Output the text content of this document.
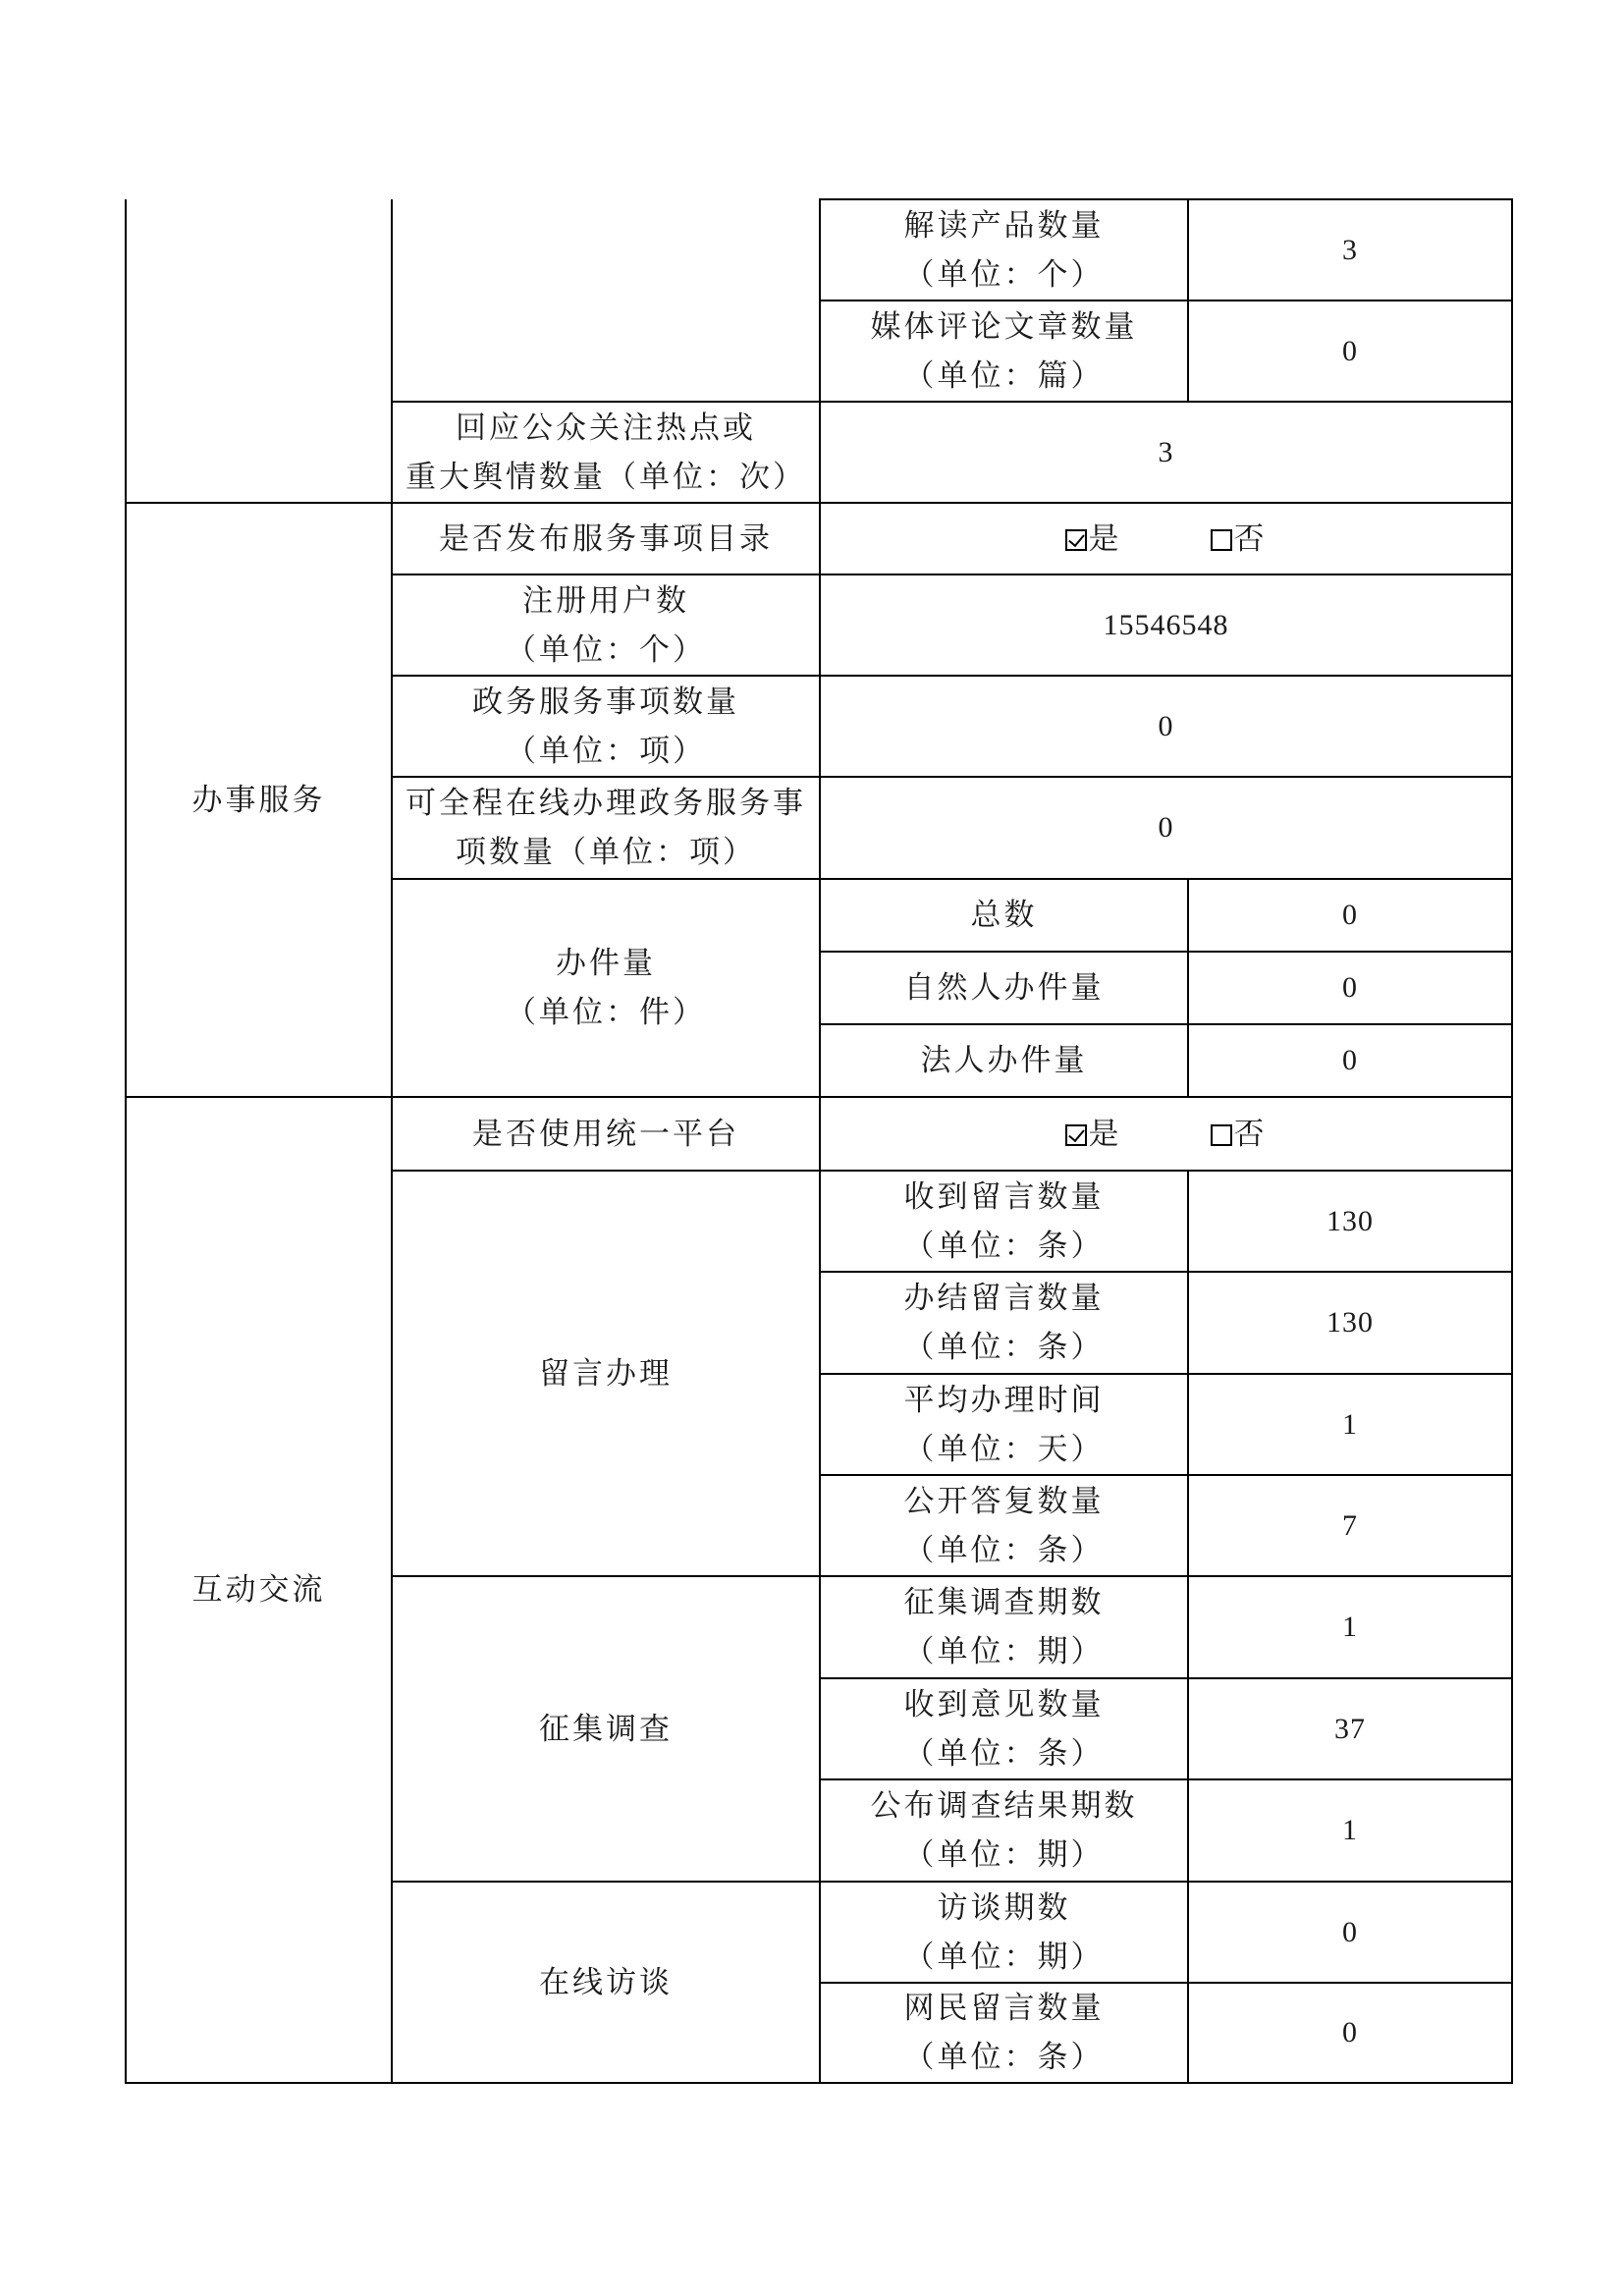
		解读产品数量
（单位：个）	3

		媒体评论文章数量
（单位：篇）	0

	回应公众关注热点或
重大舆情数量（单位：次）	3	
办事服务	是否发布服务事项目录	是 否	

	注册用户数
（单位：个）	15546548	

	政务服务事项数量
（单位：项）	0	

	可全程在线办理政务服务事
项数量（单位：项）	0	

	办件量
（单位：件）	总数	0
		自然人办件量	0
		法人办件量	0
互动交流	是否使用统一平台	是 否	
	留言办理	收到留言数量
（单位：条）	130

		办结留言数量
（单位：条）	130

		平均办理时间
（单位：天）	1

		公开答复数量
（单位：条）	7
	征集调查	征集调查期数
（单位：期）	1

		收到意见数量
（单位：条）	37

		公布调查结果期数
（单位：期）	1
	在线访谈	访谈期数
（单位：期）	0

		网民留言数量
（单位：条）	0
